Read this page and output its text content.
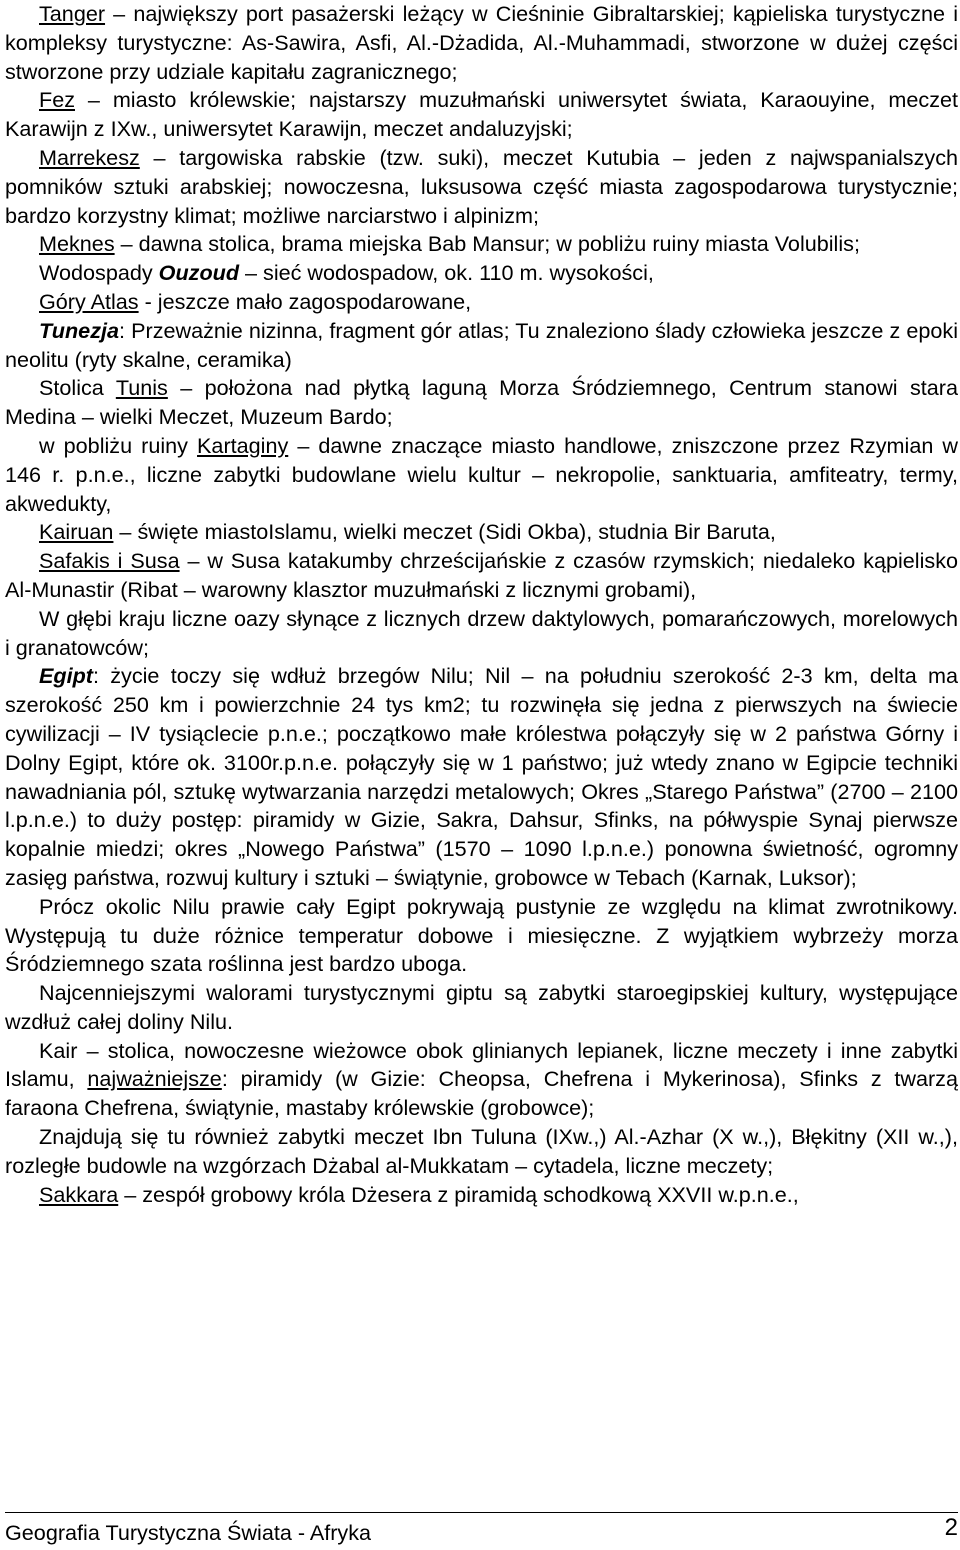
Tanger – największy port pasażerski leżący w Cieśninie Gibraltarskiej; kąpieliska turystyczne i kompleksy turystyczne: As-Sawira, Asfi, Al.-Dżadida, Al.-Muhammadi, stworzone w dużej części stworzone przy udziale kapitału zagranicznego;

Fez – miasto królewskie; najstarszy muzułmański uniwersytet świata, Karaouyine, meczet Karawijn z IXw., uniwersytet Karawijn, meczet andaluzyjski;

Marrekesz – targowiska rabskie (tzw. suki), meczet Kutubia – jeden z najwspanialszych pomników sztuki arabskiej; nowoczesna, luksusowa część miasta zagospodarowa turystycznie; bardzo korzystny klimat; możliwe narciarstwo i alpinizm;

Meknes – dawna stolica, brama miejska Bab Mansur; w pobliżu ruiny miasta Volubilis;

Wodospady Ouzoud – sieć wodospadow, ok. 110 m. wysokości,

Góry Atlas - jeszcze mało zagospodarowane,

Tunezja: Przeważnie nizinna, fragment gór atlas; Tu znaleziono ślady człowieka jeszcze z epoki neolitu (ryty skalne, ceramika)

Stolica Tunis – położona nad płytką laguną Morza Śródziemnego, Centrum stanowi stara Medina – wielki Meczet, Muzeum Bardo;

w pobliżu ruiny Kartaginy – dawne znaczące miasto handlowe, zniszczone przez Rzymian w 146 r. p.n.e., liczne zabytki budowlane wielu kultur – nekropolie, sanktuaria, amfiteatry, termy, akwedukty,

Kairuan – święte miastoIslamu, wielki meczet (Sidi Okba), studnia Bir Baruta,

Safakis i Susa – w Susa katakumby chrześcijańskie z czasów rzymskich; niedaleko kąpielisko Al-Munastir (Ribat – warowny klasztor muzułmański z licznymi grobami),

W głębi kraju liczne oazy słynące z licznych drzew daktylowych, pomarańczowych, morelowych i granatowców;

Egipt: życie toczy się wdłuż brzegów Nilu; Nil – na południu szerokość 2-3 km, delta ma szerokość 250 km i powierzchnie 24 tys km2; tu rozwinęła się jedna z pierwszych na świecie cywilizacji – IV tysiąclecie p.n.e.; początkowo małe królestwa połączyły się w 2 państwa Górny i Dolny Egipt, które ok. 3100r.p.n.e. połączyły się w 1 państwo; już wtedy znano w Egipcie techniki nawadniania pól, sztukę wytwarzania narzędzi metalowych; Okres „Starego Państwa” (2700 – 2100 l.p.n.e.) to duży postęp: piramidy w Gizie, Sakra, Dahsur, Sfinks, na półwyspie Synaj pierwsze kopalnie miedzi; okres „Nowego Państwa” (1570 – 1090 l.p.n.e.) ponowna świetność, ogromny zasięg państwa, rozwuj kultury i sztuki – świątynie, grobowce w Tebach (Karnak, Luksor);

Prócz okolic Nilu prawie cały Egipt pokrywają pustynie ze względu na klimat zwrotnikowy. Występują tu duże różnice temperatur dobowe i miesięczne. Z wyjątkiem wybrzeży morza Śródziemnego szata roślinna jest bardzo uboga.

Najcenniejszymi walorami turystycznymi giptu są zabytki staroegipskiej kultury, występujące wzdłuż całej doliny Nilu.

Kair – stolica, nowoczesne wieżowce obok glinianych lepianek, liczne meczety i inne zabytki Islamu, najważniejsze: piramidy (w Gizie: Cheopsa, Chefrena i Mykerinosa), Sfinks z twarzą faraona Chefrena, świątynie, mastaby królewskie (grobowce);

Znajdują się tu również zabytki meczet Ibn Tuluna (IXw.,) Al.-Azhar (X w.,), Błękitny (XII w.,), rozległe budowle na wzgórzach Dżabal al-Mukkatam – cytadela, liczne meczety;

Sakkara – zespół grobowy króla Dżesera z piramidą schodkową XXVII w.p.n.e.,

Geografia Turystyczna Świata - Afryka	2
